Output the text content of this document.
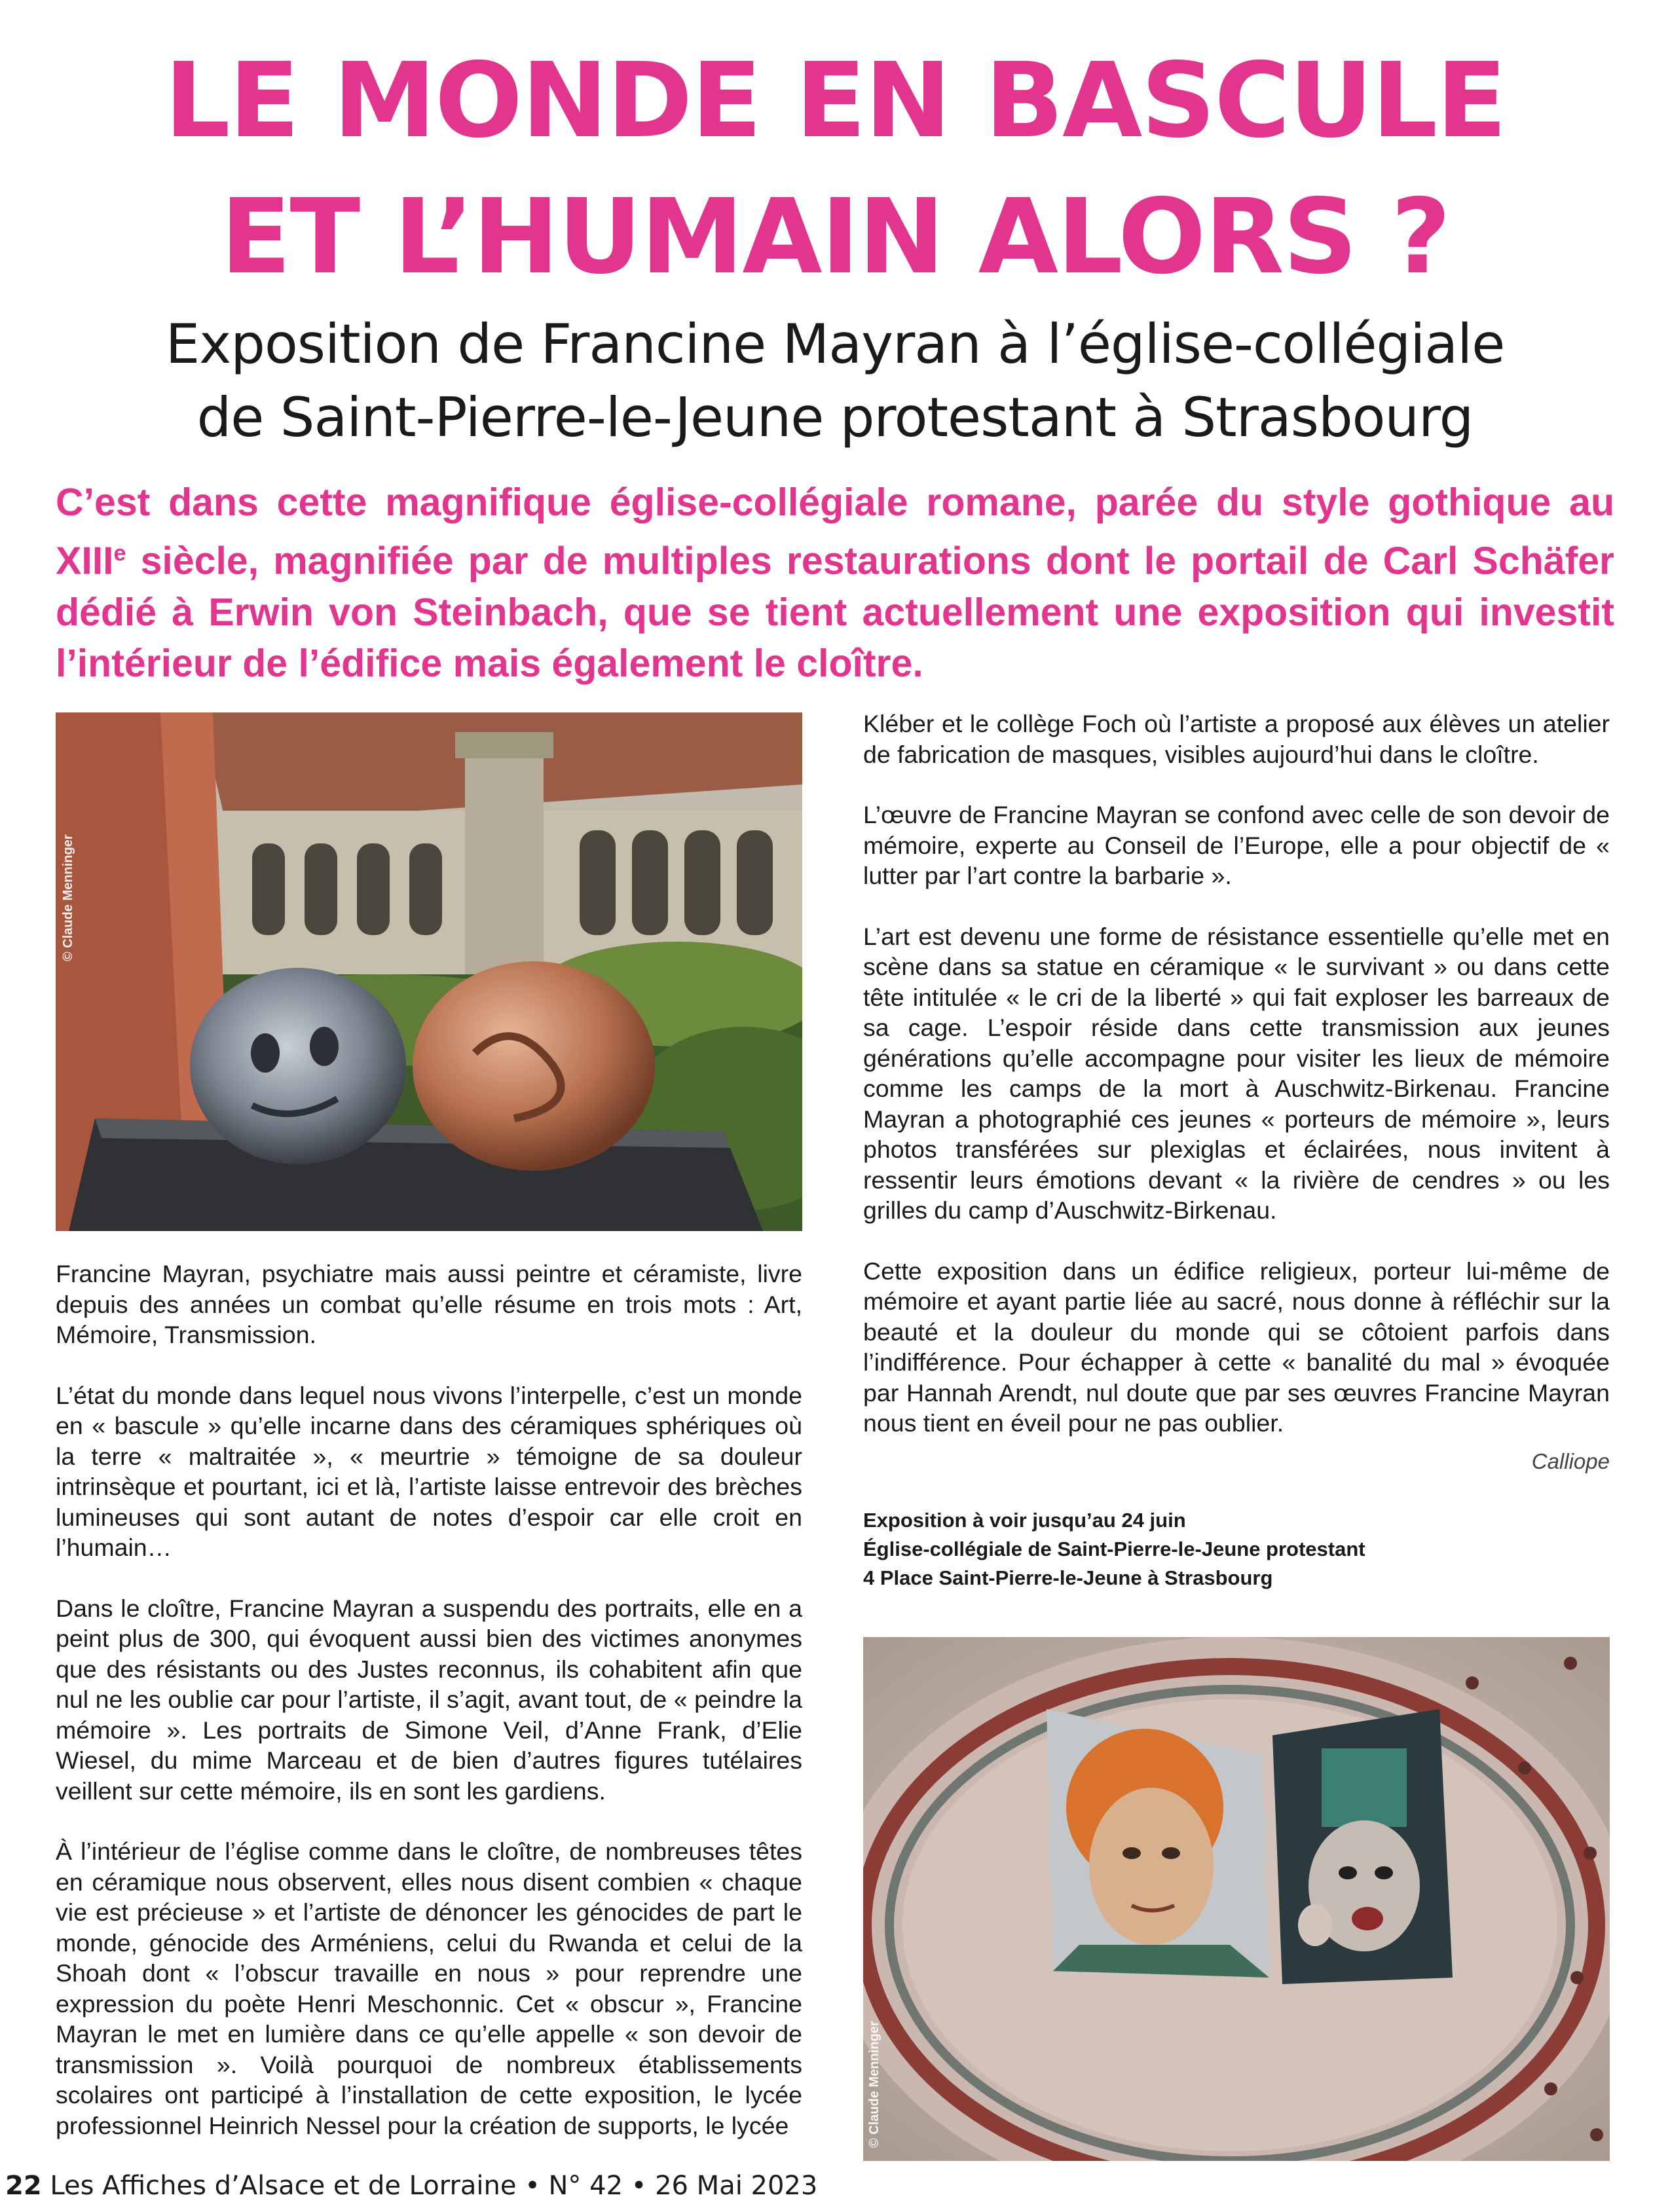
LE MONDE EN BASCULE
ET L’HUMAIN ALORS ?
Exposition de Francine Mayran à l’église-collégiale
de Saint-Pierre-le-Jeune protestant à Strasbourg
C’est dans cette magnifique église-collégiale romane, parée du style gothique au XIIIe siècle, magnifiée par de multiples restaurations dont le portail de Carl Schäfer dédié à Erwin von Steinbach, que se tient actuellement une exposition qui investit l’intérieur de l’édifice mais également le cloître.
© Claude Menninger
© Claude Menninger

Francine Mayran, psychiatre mais aussi peintre et céramiste, livre depuis des années un combat qu’elle résume en trois mots : Art, Mémoire, Transmission.

L’état du monde dans lequel nous vivons l’interpelle, c’est un monde en « bascule » qu’elle incarne dans des céramiques sphériques où la terre « maltraitée », « meurtrie » témoigne de sa douleur intrinsèque et pourtant, ici et là, l’artiste laisse entrevoir des brèches lumineuses qui sont autant de notes d’espoir car elle croit en l’humain…

Dans le cloître, Francine Mayran a suspendu des portraits, elle en a peint plus de 300, qui évoquent aussi bien des victimes anonymes que des résistants ou des Justes reconnus, ils cohabitent afin que nul ne les oublie car pour l’artiste, il s’agit, avant tout, de « peindre la mémoire ». Les portraits de Simone Veil, d’Anne Frank, d’Elie Wiesel, du mime Marceau et de bien d’autres figures tutélaires veillent sur cette mémoire, ils en sont les gardiens.

À l’intérieur de l’église comme dans le cloître, de nombreuses têtes en céramique nous observent, elles nous disent combien « chaque vie est précieuse » et l’artiste de dénoncer les génocides de part le monde, génocide des Arméniens, celui du Rwanda et celui de la Shoah dont « l’obscur travaille en nous » pour reprendre une expression du poète Henri Meschonnic. Cet « obscur », Francine Mayran le met en lumière dans ce qu’elle appelle « son devoir de transmission ». Voilà pourquoi de nombreux établissements scolaires ont participé à l’installation de cette exposition, le lycée professionnel Heinrich Nessel pour la création de supports, le lycée

Kléber et le collège Foch où l’artiste a proposé aux élèves un atelier de fabrication de masques, visibles aujourd’hui dans le cloître.

L’œuvre de Francine Mayran se confond avec celle de son devoir de mémoire, experte au Conseil de l’Europe, elle a pour objectif de « lutter par l’art contre la barbarie ».

L’art est devenu une forme de résistance essentielle qu’elle met en scène dans sa statue en céramique « le survivant » ou dans cette tête intitulée « le cri de la liberté » qui fait exploser les barreaux de sa cage. L’espoir réside dans cette transmission aux jeunes générations qu’elle accompagne pour visiter les lieux de mémoire comme les camps de la mort à Auschwitz-Birkenau. Francine Mayran a photographié ces jeunes « porteurs de mémoire », leurs photos transférées sur plexiglas et éclairées, nous invitent à ressentir leurs émotions devant « la rivière de cendres » ou les grilles du camp d’Auschwitz-Birkenau.

Cette exposition dans un édifice religieux, porteur lui-même de mémoire et ayant partie liée au sacré, nous donne à réfléchir sur la beauté et la douleur du monde qui se côtoient parfois dans l’indifférence. Pour échapper à cette « banalité du mal » évoquée par Hannah Arendt, nul doute que par ses œuvres Francine Mayran nous tient en éveil pour ne pas oublier.

Calliope
Exposition à voir jusqu’au 24 juin
Église-collégiale de Saint-Pierre-le-Jeune protestant
4 Place Saint-Pierre-le-Jeune à Strasbourg
22 Les Affiches d’Alsace et de Lorraine • N° 42 • 26 Mai 2023
